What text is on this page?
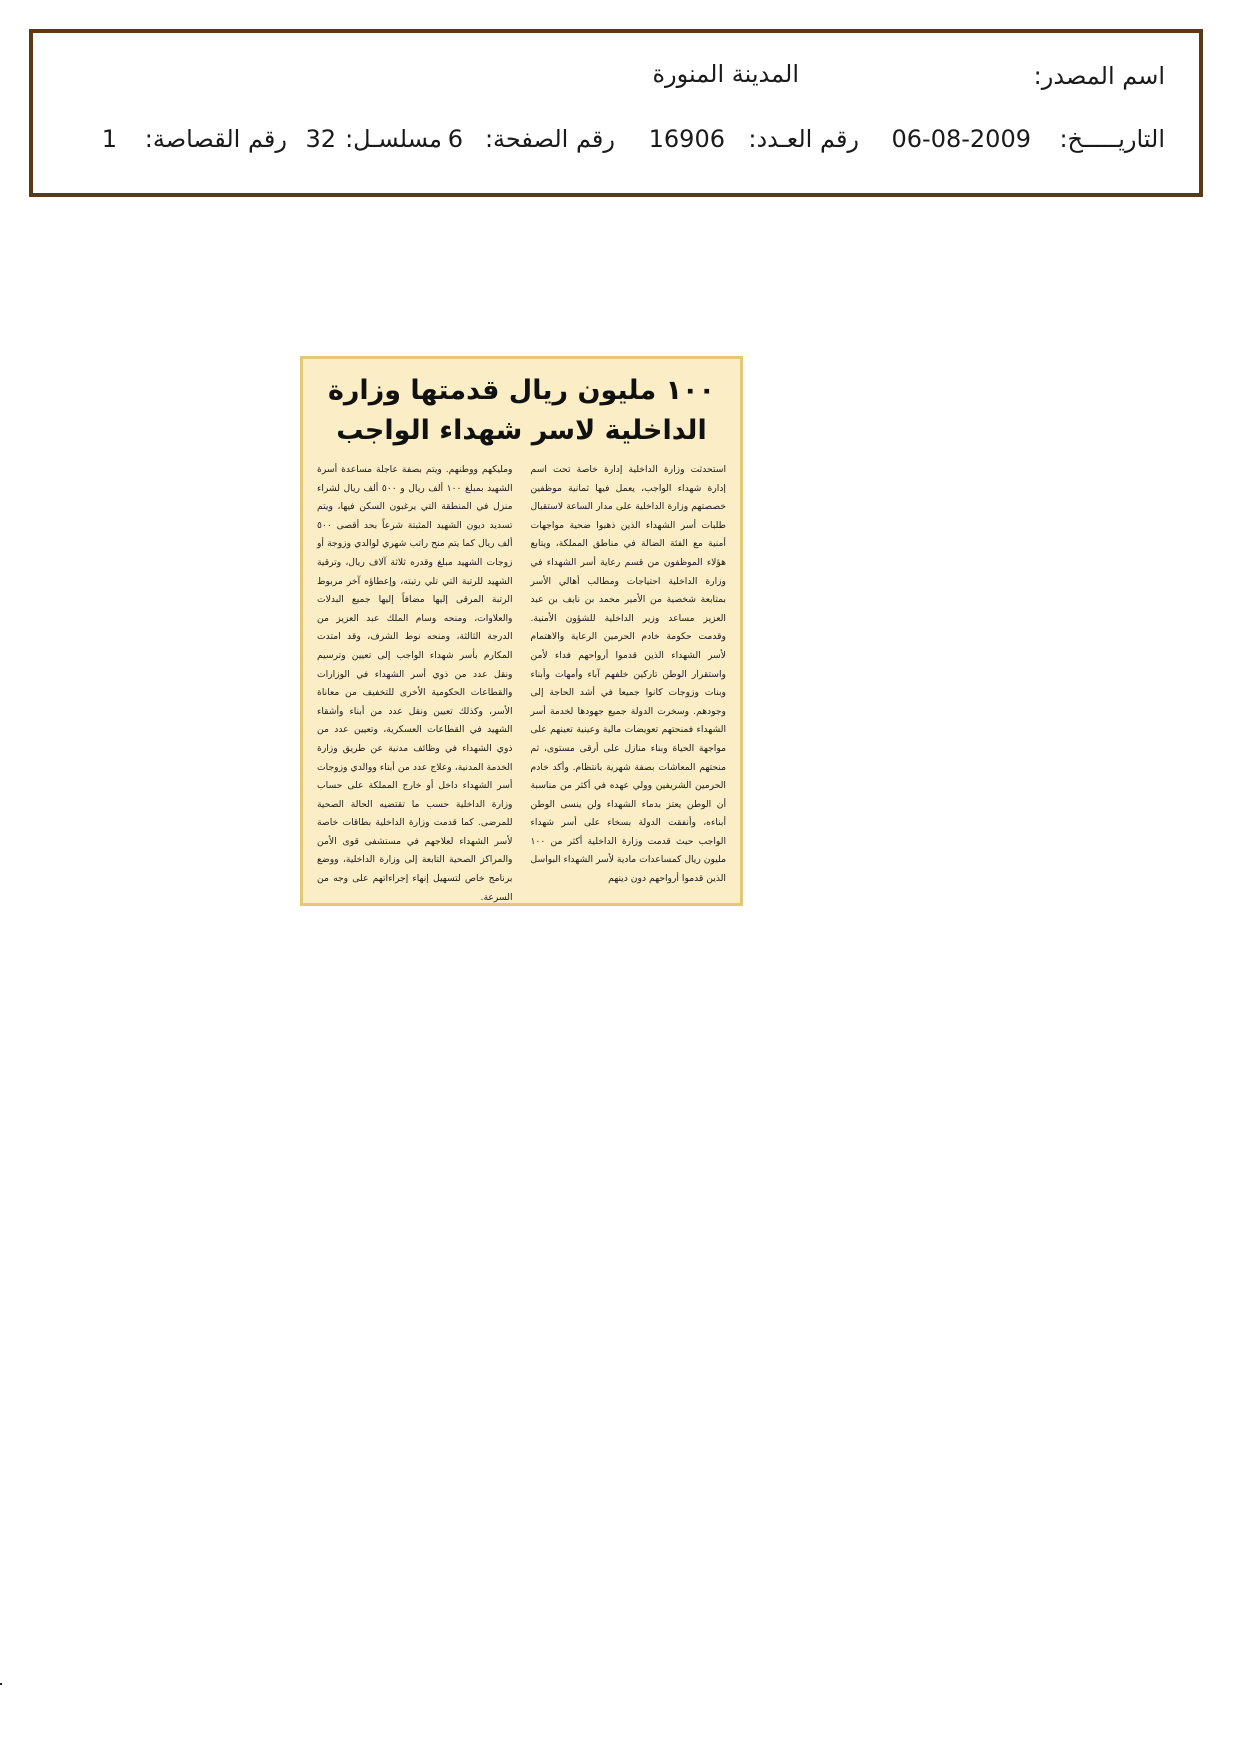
اسم المصدر:
المدينة المنورة
التاريـــــخ:
06-08-2009
رقم العـدد:
16906
رقم الصفحة:
6
مسلسـل:
32
رقم القصاصة:
1
١٠٠ مليون ريال قدمتها وزارة
الداخلية لاسر شهداء الواجب
استحدثت وزارة الداخلية إدارة خاصة تحت اسم إدارة شهداء الواجب، يعمل فيها ثمانية موظفين خصصتهم وزارة الداخلية على مدار الساعة لاستقبال طلبات أسر الشهداء الذين ذهبوا ضحية مواجهات أمنية مع الفئة الضالة في مناطق المملكة، ويتابع هؤلاء الموظفون من قسم رعاية أسر الشهداء في وزارة الداخلية احتياجات ومطالب أهالي الأسر بمتابعة شخصية من الأمير محمد بن نايف بن عبد العزيز مساعد وزير الداخلية للشؤون الأمنية. وقدمت حكومة خادم الحرمين الرعاية والاهتمام لأسر الشهداء الذين قدموا أرواحهم فداء لأمن واستقرار الوطن تاركين خلفهم آباء وأمهات وأبناء وبنات وزوجات كانوا جميعا في أشد الحاجة إلى وجودهم. وسخرت الدولة جميع جهودها لخدمة أسر الشهداء فمنحتهم تعويضات مالية وعينية تعينهم على مواجهة الحياة وبناء منازل على أرقى مستوى، ثم منحتهم المعاشات بصفة شهرية بانتظام. وأكد خادم الحرمين الشريفين وولي عهده في أكثر من مناسبة أن الوطن يعتز بدماء الشهداء ولن ينسى الوطن أبناءه، وأنفقت الدولة بسخاء على أسر شهداء الواجب حيث قدمت وزارة الداخلية أكثر من ١٠٠ مليون ريال كمساعدات مادية لأسر الشهداء البواسل الذين قدموا أرواحهم دون دينهم
ومليكهم ووطنهم. ويتم بصفة عاجلة مساعدة أسرة الشهيد بمبلغ ١٠٠ ألف ريال و ٥٠٠ ألف ريال لشراء منزل في المنطقة التي يرغبون السكن فيها، ويتم تسديد ديون الشهيد المثبتة شرعاً بحد أقصى ٥٠٠ ألف ريال كما يتم منح راتب شهري لوالدي وزوجة أو زوجات الشهيد مبلغ وقدره ثلاثة آلاف ريال، وترقية الشهيد للرتبة التي تلي رتبته، وإعطاؤه آخر مربوط الرتبة المرقى إليها مضافاً إليها جميع البدلات والعلاوات، ومنحه وسام الملك عبد العزيز من الدرجة الثالثة، ومنحه نوط الشرف، وقد امتدت المكارم بأسر شهداء الواجب إلى تعيين وترسيم ونقل عدد من ذوي أسر الشهداء في الوزارات والقطاعات الحكومية الأخرى للتخفيف من معاناة الأسر، وكذلك تعيين ونقل عدد من أبناء وأشقاء الشهيد في القطاعات العسكرية، وتعيين عدد من ذوي الشهداء في وظائف مدنية عن طريق وزارة الخدمة المدنية، وعلاج عدد من أبناء ووالدي وزوجات أسر الشهداء داخل أو خارج المملكة على حساب وزارة الداخلية حسب ما تقتضيه الحالة الصحية للمرضى. كما قدمت وزارة الداخلية بطاقات خاصة لأسر الشهداء لعلاجهم في مستشفى قوى الأمن والمراكز الصحية التابعة إلى وزارة الداخلية، ووضع برنامج خاص لتسهيل إنهاء إجراءاتهم على وجه من السرعة.
